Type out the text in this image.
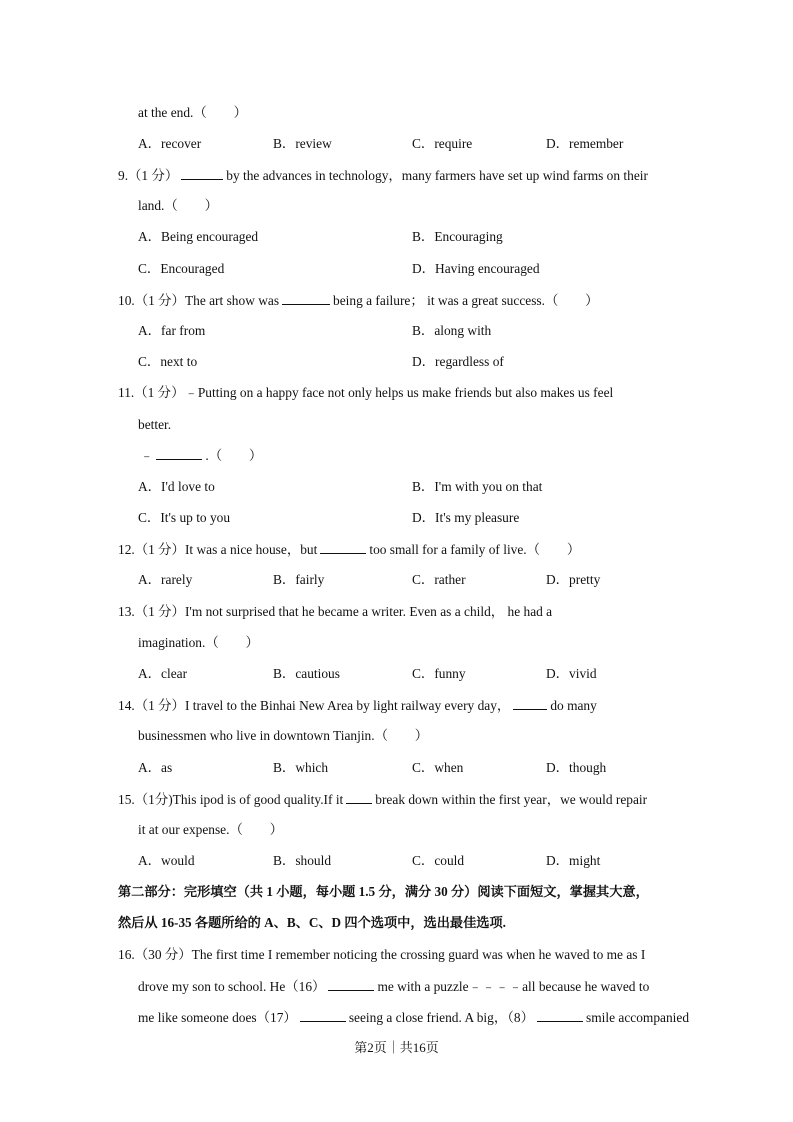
at the end.（　　）
A．recover	B．review	C．require	D．remember
9.（1 分）	by the advances in technology，many farmers have set up wind farms on their
land.（　　）
A．Being encouraged	B．Encouraging
C．Encouraged	D．Having encouraged
10.（1 分）The art show was	being a failure； it was a great success.（　　）
A．far from	B．along with
C．next to	D．regardless of
11.（1 分）﹣Putting on a happy face not only helps us make friends but also makes us feel
better.
﹣	.（　　）
A．I'd love to	B．I'm with you on that
C．It's up to you	D．It's my pleasure
12.（1 分）It was a nice house，but	too small for a family of live.（　　）
A．rarely	B．fairly	C．rather	D．pretty
13.（1 分）I'm not surprised that he became a writer. Even as a child， he had a
imagination.（　　）
A．clear	B．cautious	C．funny	D．vivid
14.（1 分）I travel to the Binhai New Area by light railway every day，	do many
businessmen who live in downtown Tianjin.（　　）
A．as	B．which	C．when	D．though
15.（1分)This ipod is of good quality.If it break down within the first year，we would repair
it at our expense.（　　）
A．would	B．should	C．could	D．might
第二部分：完形填空（共 1 小题，每小题 1.5 分，满分 30 分）阅读下面短文，掌握其大意，
然后从 16-35 各题所给的 A、B、C、D 四个选项中，选出最佳选项.
16.（30 分）The first time I remember noticing the crossing guard was when he waved to me as I
drove my son to school. He（16）	me with a puzzle﹣﹣﹣﹣all because he waved to
me like someone does（17）	seeing a close friend. A big，（8）	smile accompanied
第2页｜共16页
